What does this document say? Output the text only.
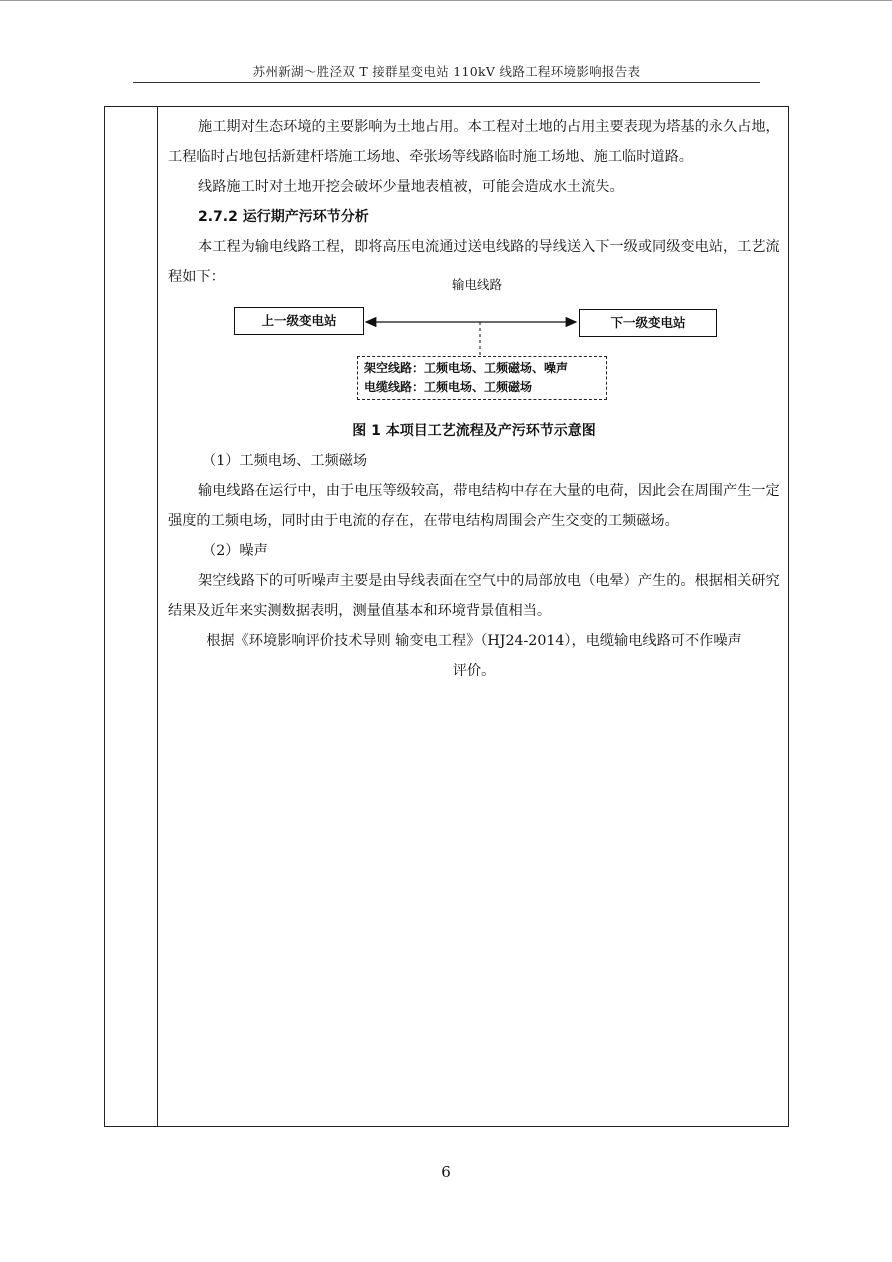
苏州新湖～胜泾双 T 接群星变电站 110kV 线路工程环境影响报告表

施工期对生态环境的主要影响为土地占用。本工程对土地的占用主要表现为塔基的永久占地，工程临时占地包括新建杆塔施工场地、牵张场等线路临时施工场地、施工临时道路。

线路施工时对土地开挖会破坏少量地表植被，可能会造成水土流失。

2.7.2 运行期产污环节分析

本工程为输电线路工程，即将高压电流通过送电线路的导线送入下一级或同级变电站，工艺流程如下：	输电线路
上一级变电站	下一级变电站
架空线路：工频电场、工频磁场、噪声
电缆线路：工频电场、工频磁场

图 1 本项目工艺流程及产污环节示意图

（1）工频电场、工频磁场

输电线路在运行中，由于电压等级较高，带电结构中存在大量的电荷，因此会在周围产生一定强度的工频电场，同时由于电流的存在，在带电结构周围会产生交变的工频磁场。

（2）噪声

架空线路下的可听噪声主要是由导线表面在空气中的局部放电（电晕）产生的。根据相关研究结果及近年来实测数据表明，测量值基本和环境背景值相当。

根据《环境影响评价技术导则 输变电工程》（HJ24-2014），电缆输电线路可不作噪声

评价。

6
